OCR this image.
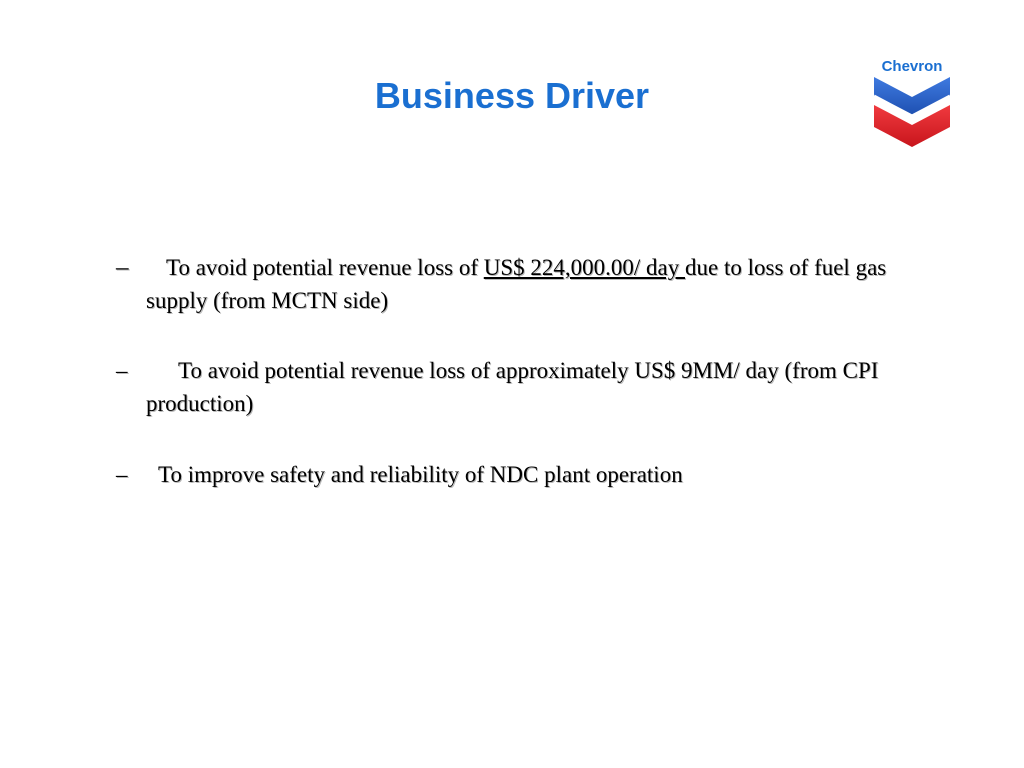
Business Driver
Chevron
–	To avoid potential revenue loss of US$ 224,000.00/ day due to loss of fuel gas supply (from MCTN side)
–	To avoid potential revenue loss of approximately US$ 9MM/ day (from CPI production)
–	To improve safety and reliability of NDC plant operation
